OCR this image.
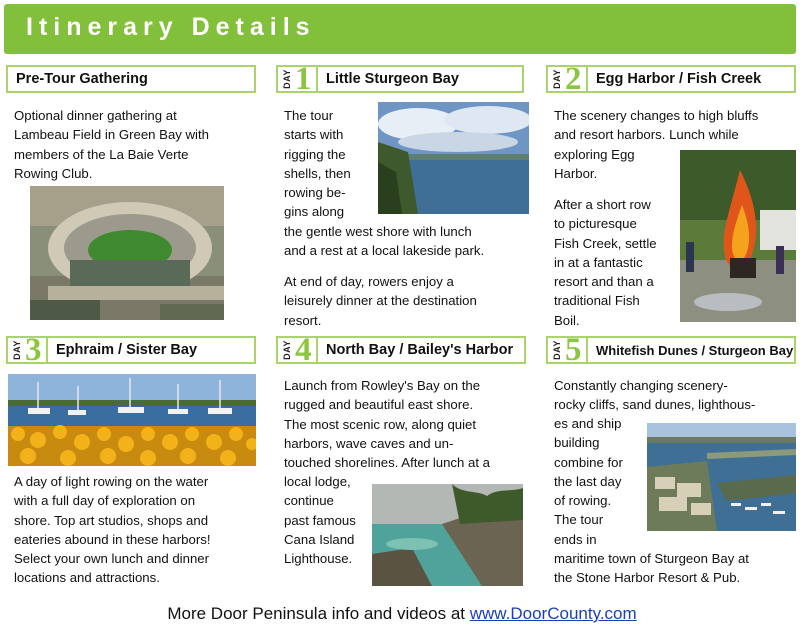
Itinerary Details
Pre-Tour Gathering
Optional dinner gathering at
Lambeau Field in Green Bay with
members of the La Baie Verte
Rowing Club.
DAY 1 Little Sturgeon Bay
The tour
starts with
rigging the
shells, then
rowing be-
gins along
the gentle west shore with lunch
and a rest at a local lakeside park.
At end of day, rowers enjoy a
leisurely dinner at the destination
resort.
DAY 2 Egg Harbor / Fish Creek
The scenery changes to high bluffs
and resort harbors. Lunch while
exploring Egg
Harbor.
After a short row
to picturesque
Fish Creek, settle
in at a fantastic
resort and than a
traditional Fish
Boil.
DAY 3 Ephraim / Sister Bay
A day of light rowing on the water
with a full day of exploration on
shore. Top art studios, shops and
eateries abound in these harbors!
Select your own lunch and dinner
locations and attractions.
DAY 4 North Bay / Bailey's Harbor
Launch from Rowley's Bay on the
rugged and beautiful east shore.
The most scenic row, along quiet
harbors, wave caves and un-
touched shorelines. After lunch at a
local lodge,
continue
past famous
Cana Island
Lighthouse.
DAY 5 Whitefish Dunes / Sturgeon Bay
Constantly changing scenery-
rocky cliffs, sand dunes, lighthous-
es and ship
building
combine for
the last day
of rowing.
The tour
ends in
maritime town of Sturgeon Bay at
the Stone Harbor Resort & Pub.
More Door Peninsula info and videos at www.DoorCounty.com
